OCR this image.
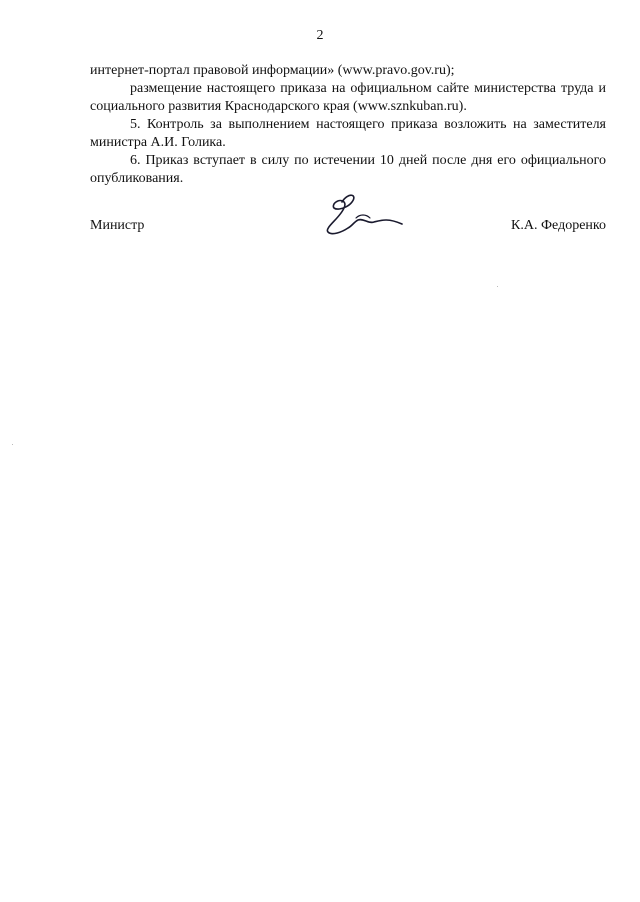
2

интернет-портал правовой информации» (www.pravo.gov.ru);

размещение настоящего приказа на официальном сайте министерства труда и социального развития Краснодарского края (www.sznkuban.ru).

5. Контроль за выполнением настоящего приказа возложить на заместителя министра А.И. Голика.

6. Приказ вступает в силу по истечении 10 дней после дня его официального опубликования.

Министр	К.А. Федоренко
